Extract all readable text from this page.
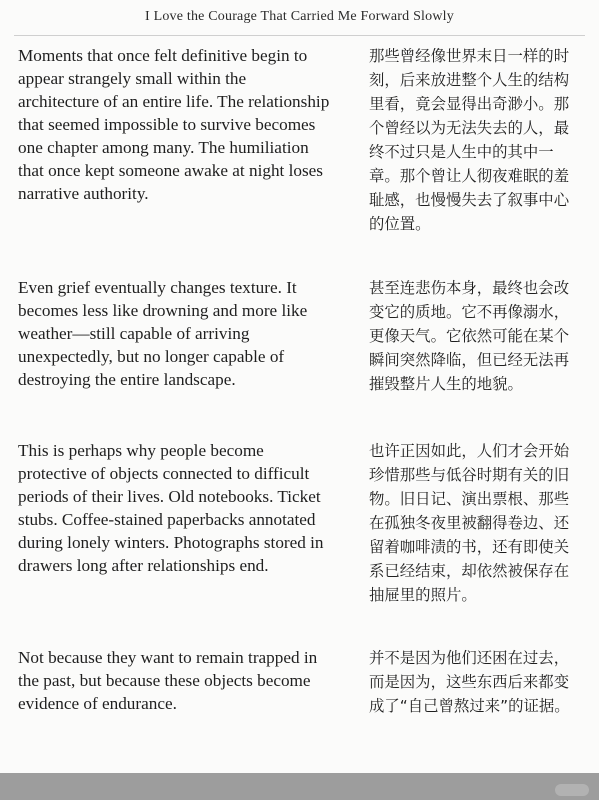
I Love the Courage That Carried Me Forward Slowly

Moments that once felt definitive begin to appear strangely small within the architecture of an entire life. The relationship that seemed impossible to survive becomes one chapter among many. The humiliation that once kept someone awake at night loses narrative authority.

Even grief eventually changes texture. It becomes less like drowning and more like weather—still capable of arriving unexpectedly, but no longer capable of destroying the entire landscape.

This is perhaps why people become protective of objects connected to difficult periods of their lives. Old notebooks. Ticket stubs. Coffee-stained paperbacks annotated during lonely winters. Photographs stored in drawers long after relationships end.

Not because they want to remain trapped in the past, but because these objects become evidence of endurance.

那些曾经像世界末日一样的时刻，后来放进整个人生的结构里看，竟会显得出奇渺小。那个曾经以为无法失去的人，最终不过只是人生中的其中一章。那个曾让人彻夜难眠的羞耻感，也慢慢失去了叙事中心的位置。

甚至连悲伤本身，最终也会改变它的质地。它不再像溺水，更像天气。它依然可能在某个瞬间突然降临，但已经无法再摧毁整片人生的地貌。

也许正因如此，人们才会开始珍惜那些与低谷时期有关的旧物。旧日记、演出票根、那些在孤独冬夜里被翻得卷边、还留着咖啡渍的书，还有即使关系已经结束，却依然被保存在抽屉里的照片。

并不是因为他们还困在过去，而是因为，这些东西后来都变成了“自己曾熬过来”的证据。
